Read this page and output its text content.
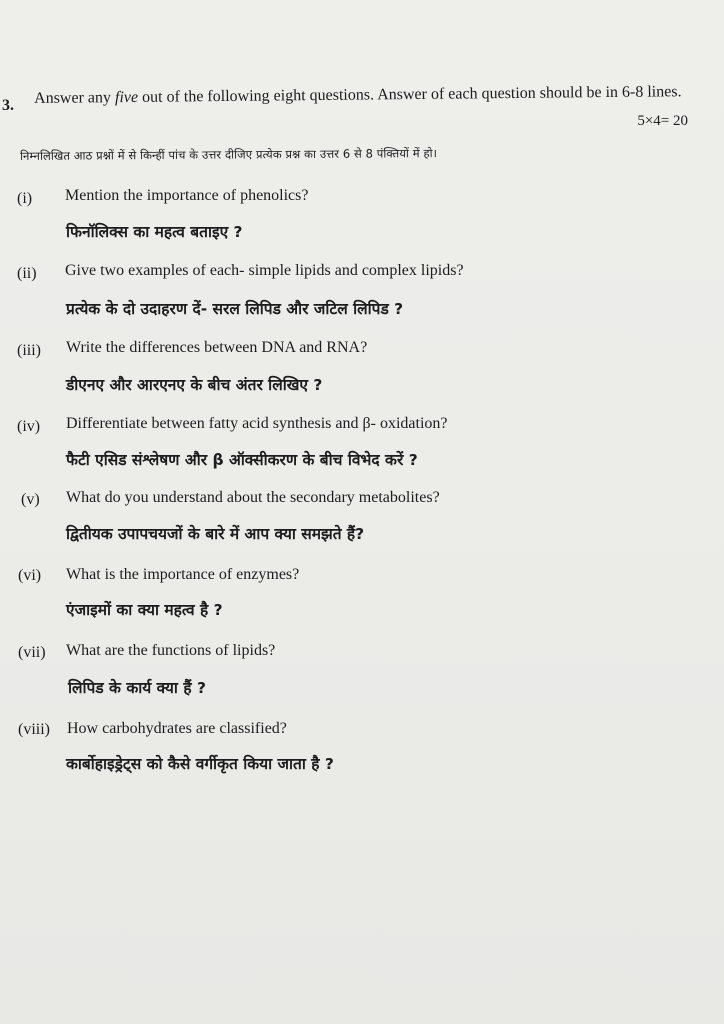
3. Answer any five out of the following eight questions. Answer of each question should be in 6-8 lines.
5×4= 20
निम्नलिखित आठ प्रश्नों में से किन्हीं पांच के उत्तर दीजिए प्रत्येक प्रश्न का उत्तर 6 से 8 पंक्तियों में हो।
(i) Mention the importance of phenolics?
फिनॉलिक्स का महत्व बताइए ?
(ii) Give two examples of each- simple lipids and complex lipids?
प्रत्येक के दो उदाहरण दें- सरल लिपिड और जटिल लिपिड ?
(iii) Write the differences between DNA and RNA?
डीएनए और आरएनए के बीच अंतर लिखिए ?
(iv) Differentiate between fatty acid synthesis and β- oxidation?
फैटी एसिड संश्लेषण और β ऑक्सीकरण के बीच विभेद करें ?
(v) What do you understand about the secondary metabolites?
द्वितीयक उपापचयजों के बारे में आप क्या समझते हैं?
(vi) What is the importance of enzymes?
एंजाइमों का क्या महत्व है ?
(vii) What are the functions of lipids?
लिपिड के कार्य क्या हैं ?
(viii) How carbohydrates are classified?
कार्बोहाइड्रेट्स को कैसे वर्गीकृत किया जाता है ?
